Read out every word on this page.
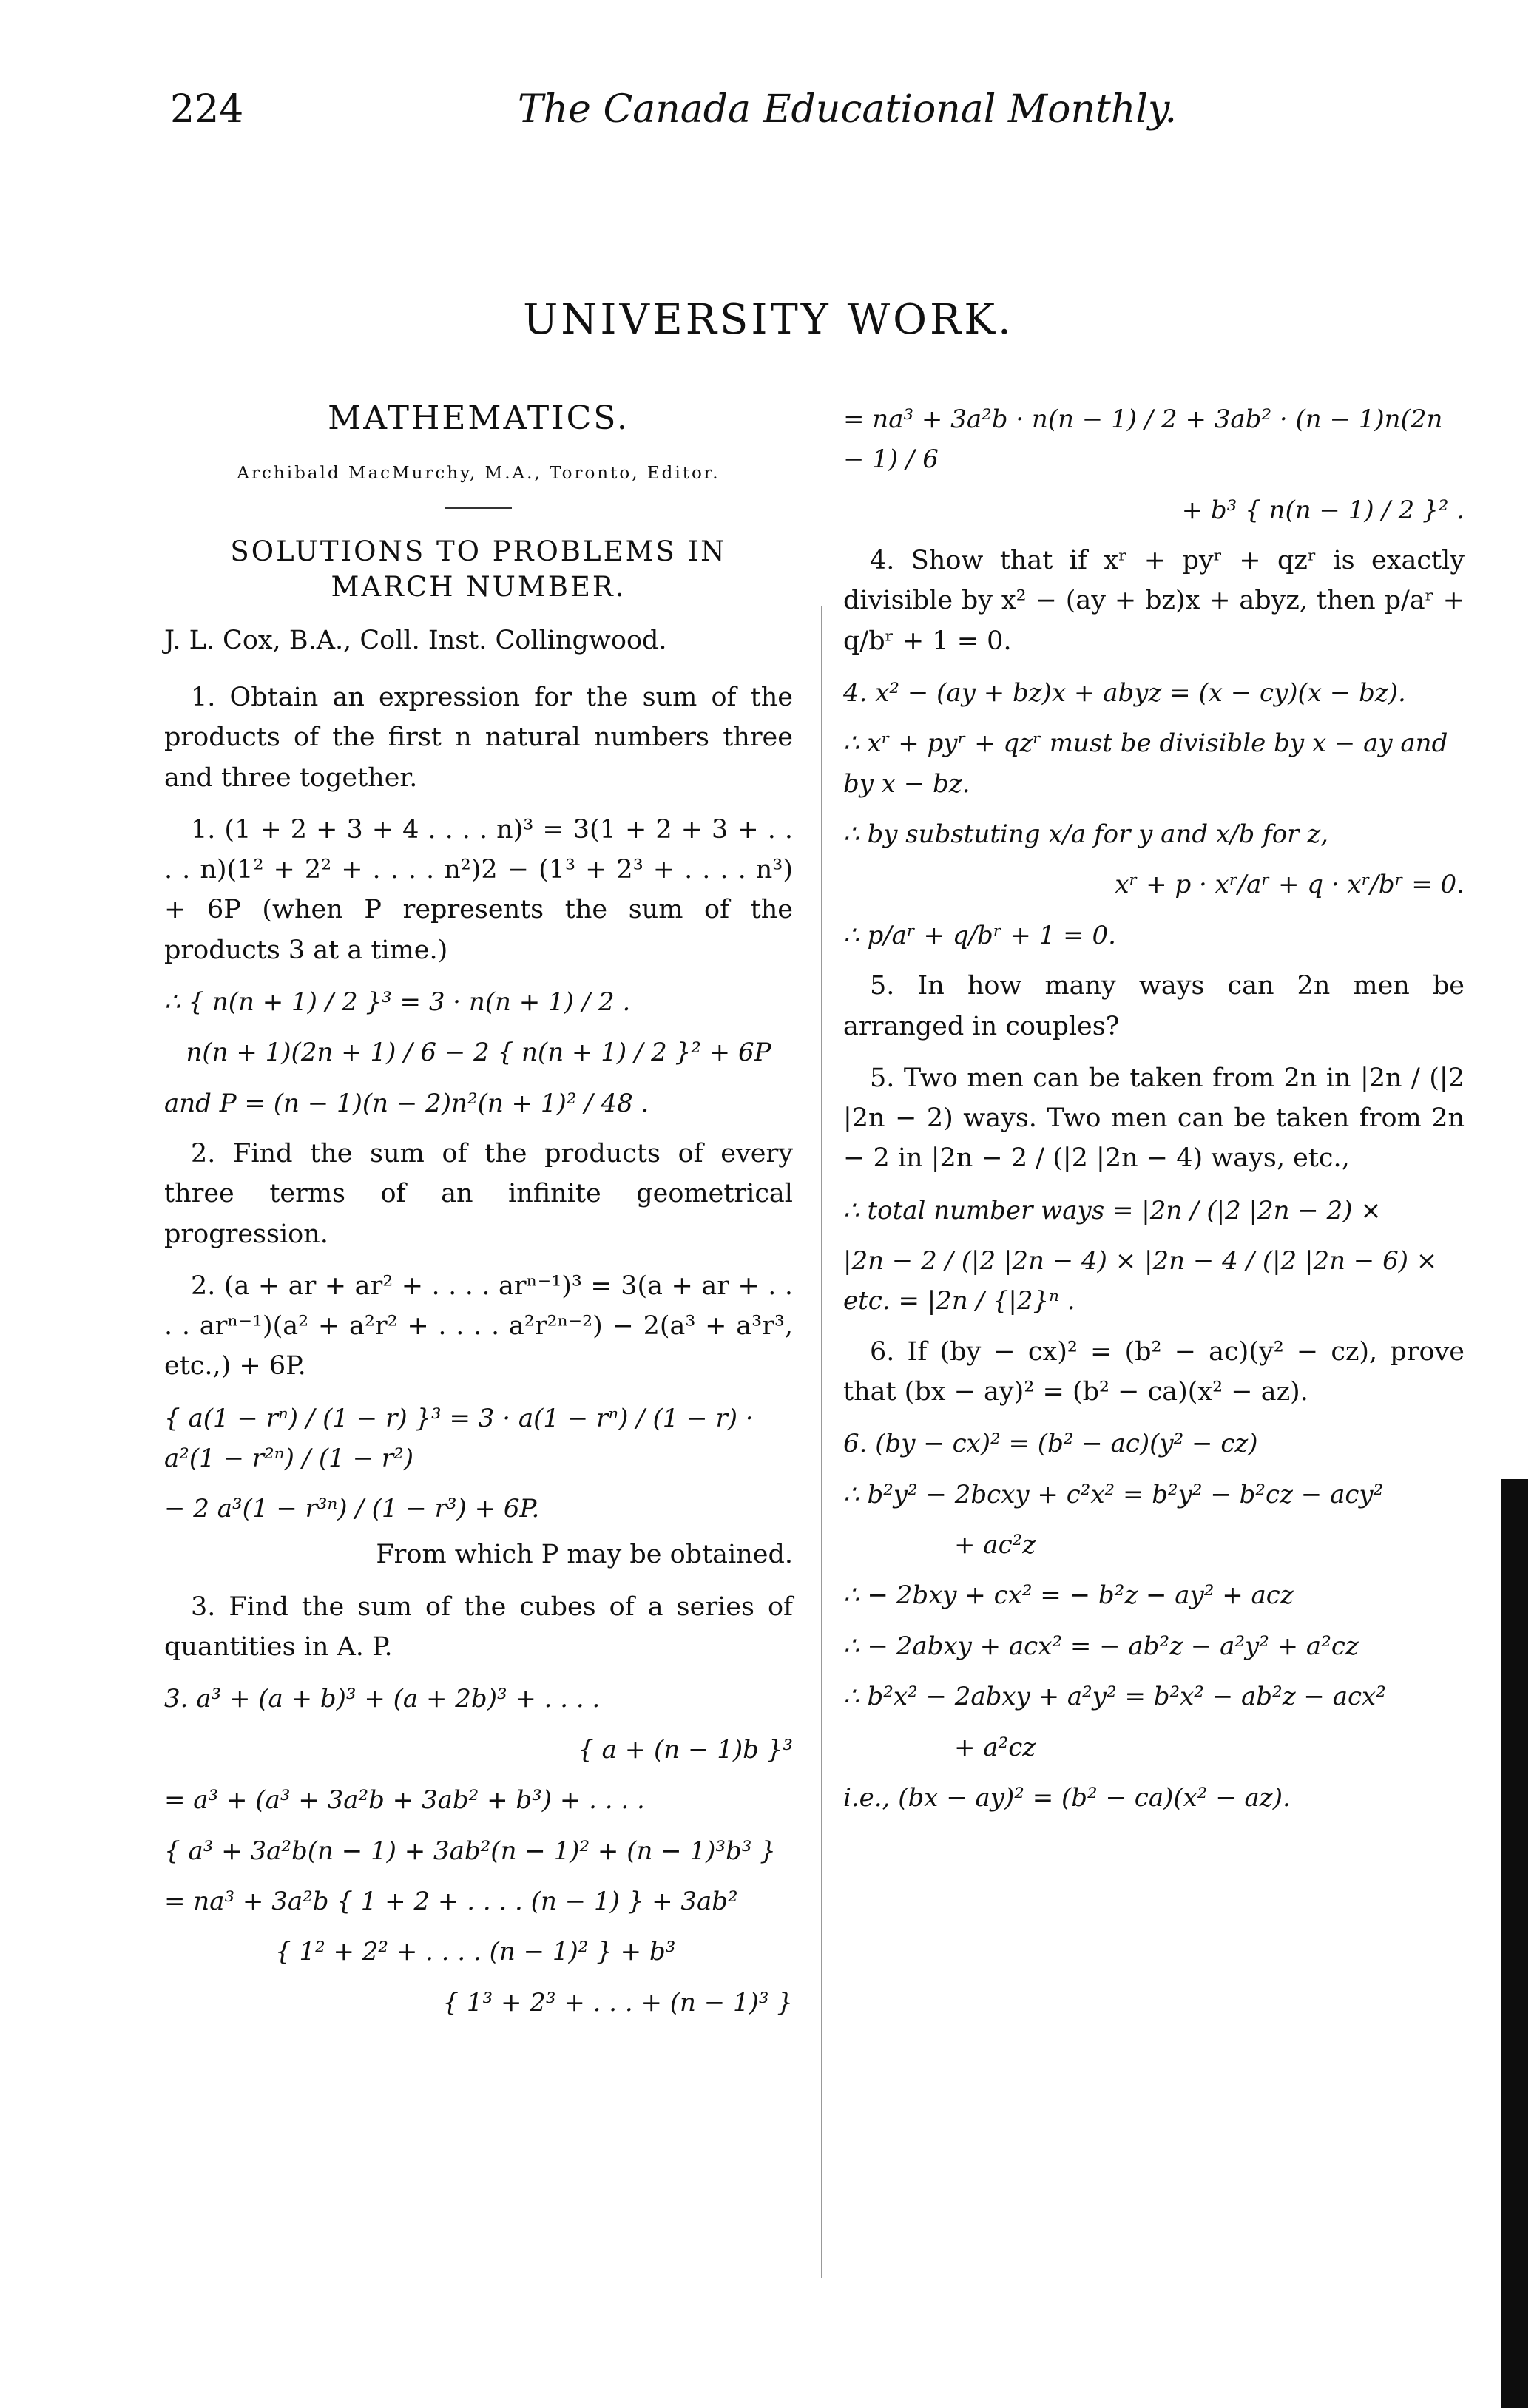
224	The Canada Educational Monthly.
UNIVERSITY WORK.
MATHEMATICS.
Archibald MacMurchy, M.A., Toronto, Editor.
SOLUTIONS TO PROBLEMS IN MARCH NUMBER.
J. L. Cox, B.A., Coll. Inst. Collingwood.

1. Obtain an expression for the sum of the products of the first n natural numbers three and three together.

1. (1 + 2 + 3 + 4 . . . . n)³ = 3(1 + 2 + 3 + . . . . n)(1² + 2² + . . . . n²)2 − (1³ + 2³ + . . . . n³) + 6P (when P represents the sum of the products 3 at a time.)

∴ { n(n + 1) / 2 }³ = 3 · n(n + 1) / 2 .
n(n + 1)(2n + 1) / 6 − 2 { n(n + 1) / 2 }² + 6P
and P = (n − 1)(n − 2)n²(n + 1)² / 48 .

2. Find the sum of the products of every three terms of an infinite geometrical progression.

2. (a + ar + ar² + . . . . arⁿ⁻¹)³ = 3(a + ar + . . . . arⁿ⁻¹)(a² + a²r² + . . . . a²r²ⁿ⁻²) − 2(a³ + a³r³, etc.,) + 6P.

{ a(1 − rⁿ) / (1 − r) }³ = 3 · a(1 − rⁿ) / (1 − r) · a²(1 − r²ⁿ) / (1 − r²)
− 2 a³(1 − r³ⁿ) / (1 − r³) + 6P.
From which P may be obtained.

3. Find the sum of the cubes of a series of quantities in A. P.

3. a³ + (a + b)³ + (a + 2b)³ + . . . .
{ a + (n − 1)b }³
= a³ + (a³ + 3a²b + 3ab² + b³) + . . . .
{ a³ + 3a²b(n − 1) + 3ab²(n − 1)² + (n − 1)³b³ }
= na³ + 3a²b { 1 + 2 + . . . . (n − 1) } + 3ab²
{ 1² + 2² + . . . . (n − 1)² } + b³
{ 1³ + 2³ + . . . + (n − 1)³ }
= na³ + 3a²b · n(n − 1) / 2 + 3ab² · (n − 1)n(2n − 1) / 6
+ b³ { n(n − 1) / 2 }² .

4. Show that if xʳ + pyʳ + qzʳ is exactly divisible by x² − (ay + bz)x + abyz, then p/aʳ + q/bʳ + 1 = 0.

4. x² − (ay + bz)x + abyz = (x − cy)(x − bz).
∴ xʳ + pyʳ + qzʳ must be divisible by x − ay and by x − bz.
∴ by substuting x/a for y and x/b for z,
xʳ + p · xʳ/aʳ + q · xʳ/bʳ = 0.
∴ p/aʳ + q/bʳ + 1 = 0.

5. In how many ways can 2n men be arranged in couples?

5. Two men can be taken from 2n in |2n / (|2 |2n − 2) ways. Two men can be taken from 2n − 2 in |2n − 2 / (|2 |2n − 4) ways, etc.,

∴ total number ways = |2n / (|2 |2n − 2) ×
|2n − 2 / (|2 |2n − 4) × |2n − 4 / (|2 |2n − 6) × etc. = |2n / {|2}ⁿ .

6. If (by − cx)² = (b² − ac)(y² − cz), prove that (bx − ay)² = (b² − ca)(x² − az).

6. (by − cx)² = (b² − ac)(y² − cz)
∴ b²y² − 2bcxy + c²x² = b²y² − b²cz − acy²
+ ac²z
∴ − 2bxy + cx² = − b²z − ay² + acz
∴ − 2abxy + acx² = − ab²z − a²y² + a²cz
∴ b²x² − 2abxy + a²y² = b²x² − ab²z − acx²
+ a²cz
i.e., (bx − ay)² = (b² − ca)(x² − az).
